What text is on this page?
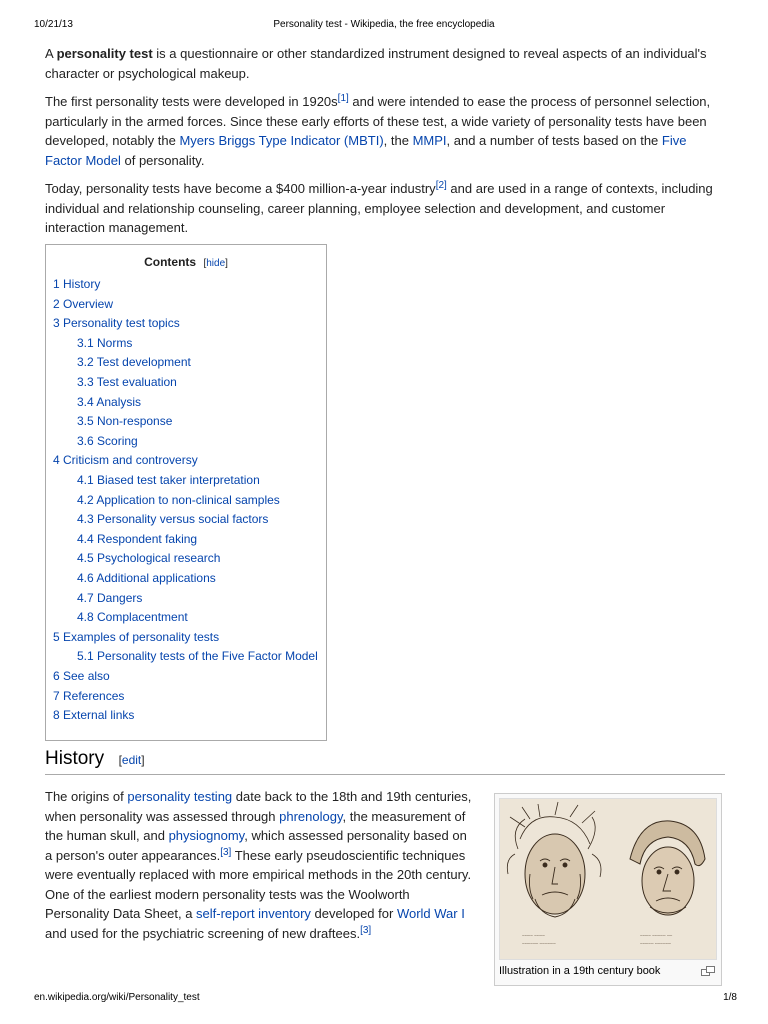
10/21/13	Personality test - Wikipedia, the free encyclopedia

A personality test is a questionnaire or other standardized instrument designed to reveal aspects of an individual's character or psychological makeup.

The first personality tests were developed in 1920s[1] and were intended to ease the process of personnel selection, particularly in the armed forces. Since these early efforts of these test, a wide variety of personality tests have been developed, notably the Myers Briggs Type Indicator (MBTI), the MMPI, and a number of tests based on the Five Factor Model of personality.

Today, personality tests have become a $400 million-a-year industry[2] and are used in a range of contexts, including individual and relationship counseling, career planning, employee selection and development, and customer interaction management.

Contents [hide]
1 History
2 Overview
3 Personality test topics
3.1 Norms
3.2 Test development
3.3 Test evaluation
3.4 Analysis
3.5 Non-response
3.6 Scoring
4 Criticism and controversy
4.1 Biased test taker interpretation
4.2 Application to non-clinical samples
4.3 Personality versus social factors
4.4 Respondent faking
4.5 Psychological research
4.6 Additional applications
4.7 Dangers
4.8 Complacentment
5 Examples of personality tests
5.1 Personality tests of the Five Factor Model
6 See also
7 References
8 External links
History [edit]
The origins of personality testing date back to the 18th and 19th centuries, when personality was assessed through phrenology, the measurement of the human skull, and physiognomy, which assessed personality based on a person's outer appearances.[3] These early pseudoscientific techniques were eventually replaced with more empirical methods in the 20th century. One of the earliest modern personality tests was the Woolworth Personality Data Sheet, a self-report inventory developed for World War I and used for the psychiatric screening of new draftees.[3]
~~~~ ~~~~
~~~~~~ ~~~~~~
~~~~ ~~~~~ ~~
~~~~~ ~~~~~~
Illustration in a 19th century book
en.wikipedia.org/wiki/Personality_test	1/8
